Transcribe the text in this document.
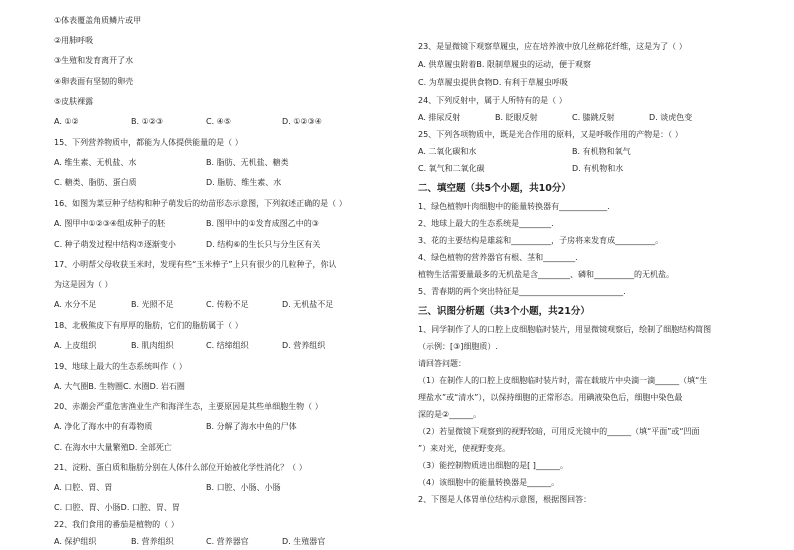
①体表覆盖角质鳞片或甲
②用肺呼吸
③生殖和发育离开了水
④卵表面有坚韧的卵壳
⑤皮肤裸露
A. ①②	B. ①②③	C. ④⑤	D. ①②③④
15、下列营养物质中，都能为人体提供能量的是（ ）
A. 维生素、无机盐、水	B. 脂肪、无机盐、糖类
C. 糖类、脂肪、蛋白质	D. 脂肪、维生素、水
16、如图为菜豆种子结构和种子萌发后的幼苗形态示意图，下列叙述正确的是（ ）
A. 图甲中①②③④组成种子的胚	B. 图甲中的①发育成图乙中的③
C. 种子萌发过程中结构⑦逐渐变小	D. 结构⑥的生长只与分生区有关
17、小明帮父母收获玉米时，发现有些“玉米棒子”上只有很少的几粒种子，你认
为这是因为（ ）
A. 水分不足	B. 光照不足	C. 传粉不足	D. 无机盐不足
18、北极熊皮下有厚厚的脂肪，它们的脂肪属于（ ）
A. 上皮组织	B. 肌肉组织	C. 结缔组织	D. 营养组织
19、地球上最大的生态系统叫作（ ）
A. 大气圈B. 生物圈C. 水圈D. 岩石圈
20、赤潮会严重危害渔业生产和海洋生态，主要原因是其些单细胞生物（ ）
A. 净化了海水中的有毒物质	B. 分解了海水中鱼的尸体
C. 在海水中大量繁殖D. 全部死亡
21、淀粉、蛋白质和脂肪分别在人体什么部位开始被化学性消化？（ ）
A. 口腔、胃、胃	B. 口腔、小肠、小肠
C. 口腔、胃、小肠D. 口腔、胃、胃
22、我们食用的番茄是植物的（ ）
A. 保护组织	B. 营养组织	C. 营养器官	D. 生殖器官
23、是显微镜下观察草履虫，应在培养液中放几丝棉花纤维，这是为了（ ）
A. 供草履虫附着B. 限制草履虫的运动，便于观察
C. 为草履虫提供食物D. 有利于草履虫呼吸
24、下列反射中，属于人所特有的是（ ）
A. 排尿反射	B. 眨眼反射	C. 膝跳反射	D. 谈虎色变
25、下列各项物质中，既是光合作用的原料，又是呼吸作用的产物是：（ ）
A. 二氧化碳和水	B. 有机物和氧气
C. 氧气和二氧化碳	D. 有机物和水
二、填空题（共5个小题，共10分）
1、绿色植物叶肉细胞中的能量转换器有____________.
2、地球上最大的生态系统是________.
3、花的主要结构是雄蕊和__________，子房将来发育成__________。
4、绿色植物的营养器官有根、茎和________.
植物生活需要量最多的无机盐是含________、磷和__________的无机盐。
5、青春期的两个突出特征是__________________________.
三、识图分析题（共3个小题，共21分）
1、同学制作了人的口腔上皮细胞临时装片，用显微镜观察后，绘制了细胞结构简图
（示例：[③]细胞质）.
请回答问题：
（1）在制作人的口腔上皮细胞临时装片时，需在载玻片中央滴一滴______（填“生
理盐水”或“清水”），以保持细胞的正常形态。用碘液染色后，细胞中染色最
深的是②______。
（2）若显微镜下观察到的视野较暗，可用反光镜中的______（填“平面”或“凹面
”）来对光，使视野变亮。
（3）能控制物质进出细胞的是[ ]______。
（4）该细胞中的能量转换器是______。
2、下图是人体胃单位结构示意图，根据图回答：
